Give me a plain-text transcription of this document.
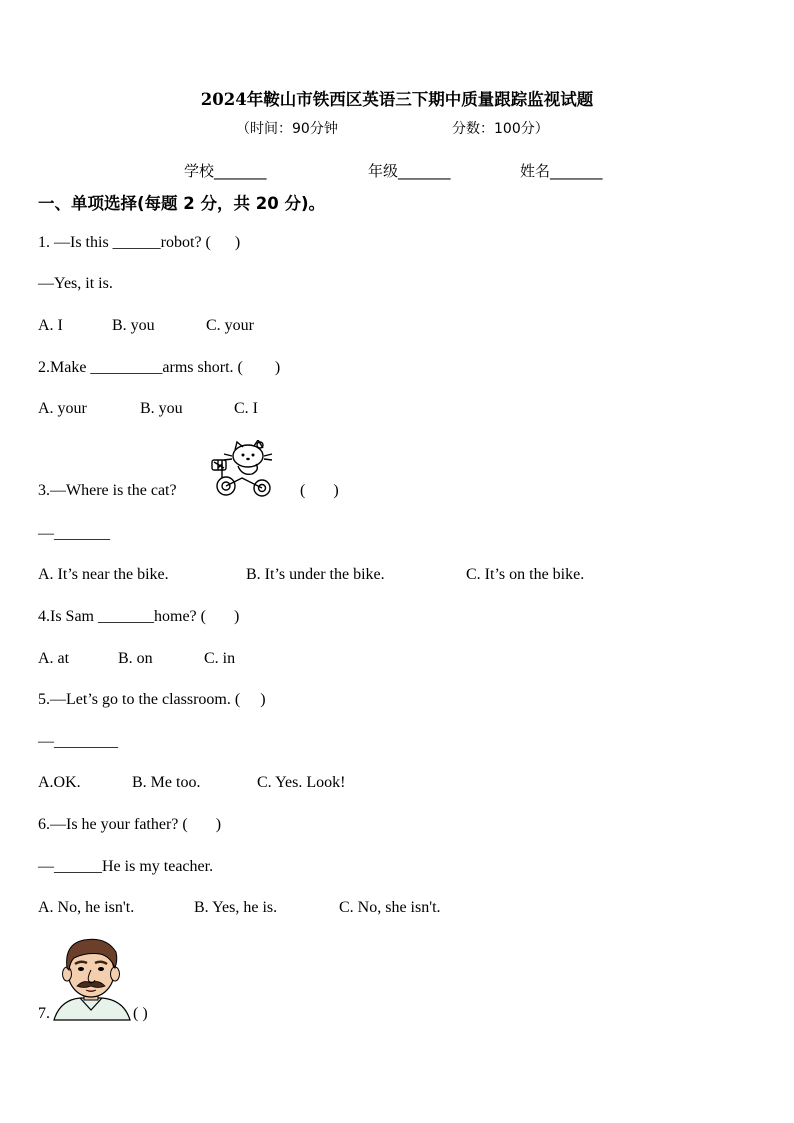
2024年鞍山市铁西区英语三下期中质量跟踪监视试题
（时间：90分钟	分数：100分）
学校_______	年级_______	姓名_______
一、单项选择(每题 2 分，共 20 分)。
1. —Is this ______robot? (      )
—Yes, it is.
A. I	B. you	C. your
2.Make _________arms short. (        )
A. your	B. you	C. I
3.—Where is the cat?	(       )
—_______
A. It’s near the bike.	B. It’s under the bike.	C. It’s on the bike.
4.Is Sam _______home? (       )
A. at	B. on	C. in
5.—Let’s go to the classroom. (     )
—________
A.OK.	B. Me too.	C. Yes. Look!
6.—Is he your father? (       )
—______He is my teacher.
A. No, he isn't.	B. Yes, he is.	C. No, she isn't.
7.	( )
